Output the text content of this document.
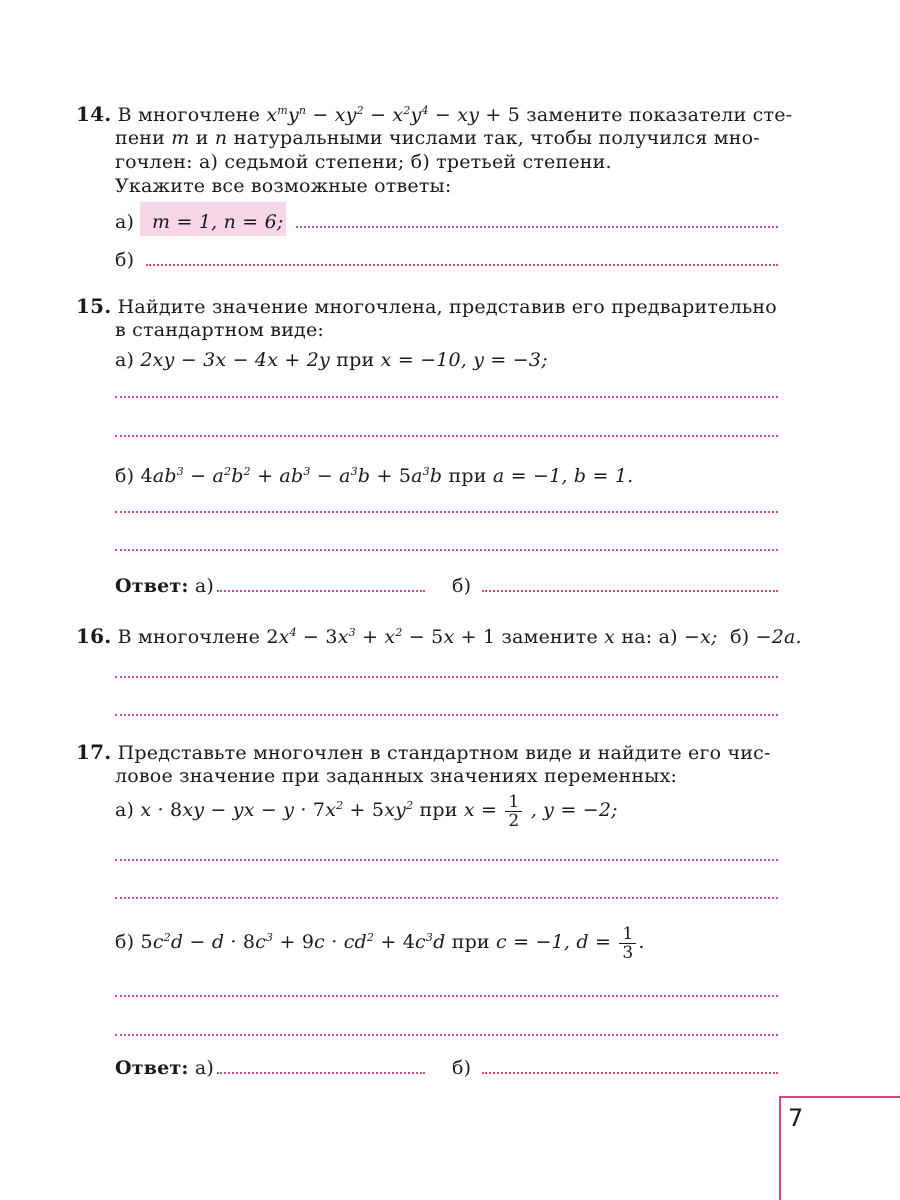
14. В многочлене $x^my^n - xy^2 - x^2y^4$ − xy + 5 замените показатели сте-
пени m и n натуральными числами так, чтобы получился мно-
гочлен: а) седьмой степени; б) третьей степени.
Укажите все возможные ответы:
а) m = 1, n = 6;
б)
15. Найдите значение многочлена, представив его предварительно
в стандартном виде:
а) 2xy − 3x − 4x + 2y при x = −10, y = −3;
б) $4ab^3 - a^2b^2 + ab^3 - a^3b + 5a^3b$ при a = −1, b = 1.
Ответ: а)	б)
16. В многочлене $2x^4 - 3x^3 + x^2 - 5x + 1$ замените x на: а) −x; б) −2a.
17. Представьте многочлен в стандартном виде и найдите его чис-
ловое значение при заданных значениях переменных:
а) x · 8xy − yx − $y \cdot 7x^2 + 5xy^2$ при $x = \frac{1}{2}$ , y = −2;
б) $5c^2d - d \cdot 8c^3 + 9c \cdot cd^2 + 4c^3d$ при c = −1, $d = \frac{1}{3}$ .
Ответ: а)	б)
7
